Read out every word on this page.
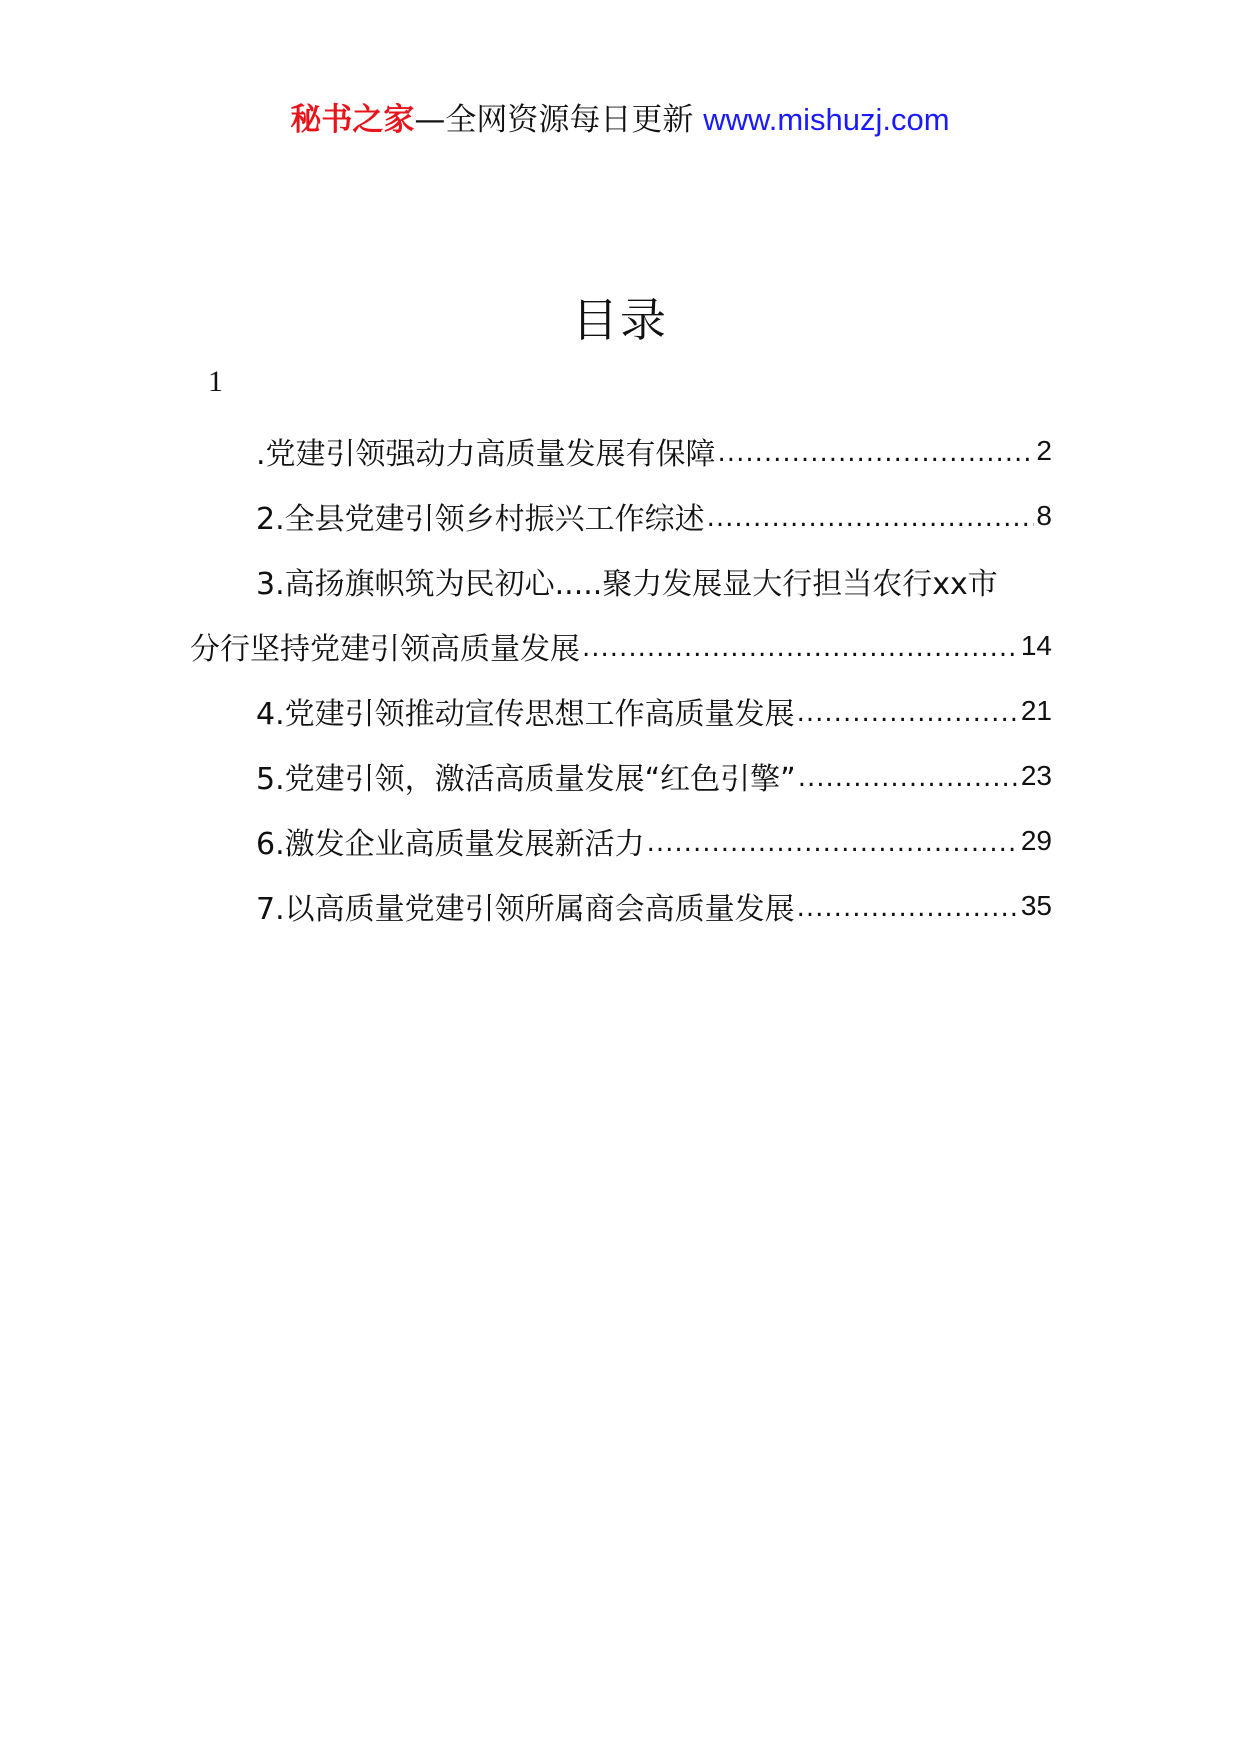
秘书之家—全网资源每日更新 www.mishuzj.com
目录
1
.党建引领强动力高质量发展有保障 .....	2
2.全县党建引领乡村振兴工作综述 .....	8
3.高扬旗帜筑为民初心.....聚力发展显大行担当农行xx市
分行坚持党建引领高质量发展 .....	14
4.党建引领推动宣传思想工作高质量发展 .....	21
5.党建引领，激活高质量发展“红色引擎” .....	23
6.激发企业高质量发展新活力 .....	29
7.以高质量党建引领所属商会高质量发展 .....	35
